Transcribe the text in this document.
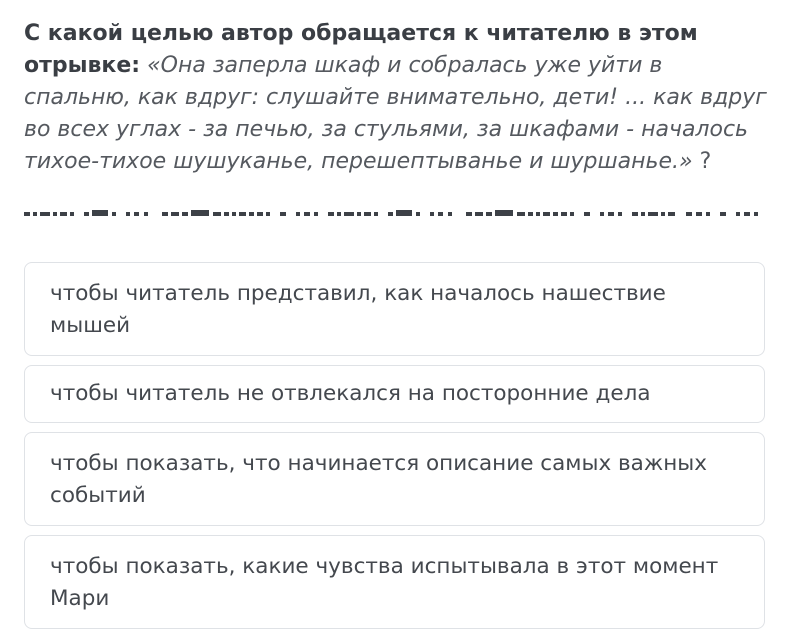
С какой целью автор обращается к читателю в этом отрывке: «Она заперла шкаф и собралась уже уйти в спальню, как вдруг: слушайте внимательно, дети! ... как вдруг во всех углах - за печью, за стульями, за шкафами - началось тихое-тихое шушуканье, перешептыванье и шуршанье.» ?

чтобы читатель представил, как началось нашествие мышей
чтобы читатель не отвлекался на посторонние дела
чтобы показать, что начинается описание самых важных событий
чтобы показать, какие чувства испытывала в этот момент Мари
